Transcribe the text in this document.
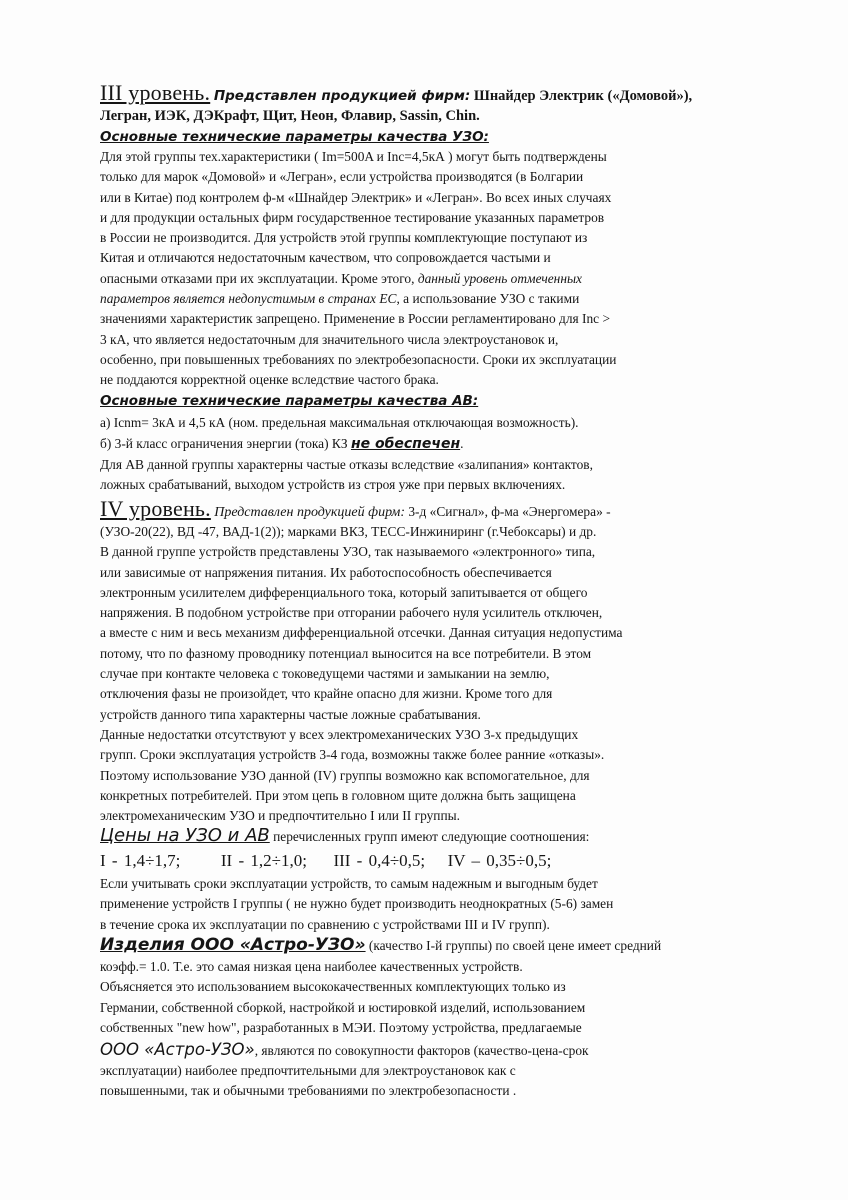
III уровень. Представлен продукцией фирм: Шнайдер Электрик («Домовой»),
Легран, ИЭК, ДЭКрафт, Щит, Неон, Флавир, Sassin, Chin.
Основные технические параметры качества УЗО:
Для этой группы тех.характеристики ( Im=500A и Inc=4,5кА ) могут быть подтверждены
только для марок «Домовой» и «Легран», если устройства производятся (в Болгарии
или в Китае) под контролем ф-м «Шнайдер Электрик» и «Легран». Во всех иных случаях
и для продукции остальных фирм государственное тестирование указанных параметров
в России не производится. Для устройств этой группы комплектующие поступают из
Китая и отличаются недостаточным качеством, что сопровождается частыми и
опасными отказами при их эксплуатации. Кроме этого, данный уровень отмеченных
параметров является недопустимым в странах ЕС, а использование УЗО с такими
значениями характеристик запрещено. Применение в России регламентировано для Inc >
3 кА, что является недостаточным для значительного числа электроустановок и,
особенно, при повышенных требованиях по электробезопасности. Сроки их эксплуатации
не поддаются корректной оценке вследствие частого брака.
Основные технические параметры качества АВ:
а) Icnm= 3кА и 4,5 кА (ном. предельная максимальная отключающая возможность).
б) 3-й класс ограничения энергии (тока) КЗ не обеспечен.
Для АВ данной группы характерны частые отказы вследствие «залипания» контактов,
ложных срабатываний, выходом устройств из строя уже при первых включениях.
IV уровень. Представлен продукцией фирм: 3-д «Сигнал», ф-ма «Энергомера» -
(УЗО-20(22), ВД -47, ВАД-1(2)); марками ВКЗ, ТЕСС-Инжиниринг (г.Чебоксары) и др.
В данной группе устройств представлены УЗО, так называемого «электронного» типа,
или зависимые от напряжения питания. Их работоспособность обеспечивается
электронным усилителем дифференциального тока, который запитывается от общего
напряжения. В подобном устройстве при отгорании рабочего нуля усилитель отключен,
а вместе с ним и весь механизм дифференциальной отсечки. Данная ситуация недопустима
потому, что по фазному проводнику потенциал выносится на все потребители. В этом
случае при контакте человека с токоведущеми частями и замыкании на землю,
отключения фазы не произойдет, что крайне опасно для жизни. Кроме того для
устройств данного типа характерны частые ложные срабатывания.
Данные недостатки отсутствуют у всех электромеханических УЗО 3-х предыдущих
групп. Сроки эксплуатация устройств 3-4 года, возможны также более ранние «отказы».
Поэтому использование УЗО данной (IV) группы возможно как вспомогательное, для
конкретных потребителей. При этом цепь в головном щите должна быть защищена
электромеханическим УЗО и предпочтительно I или II группы.
Цены на УЗО и АВ перечисленных групп имеют следующие соотношения:
I - 1,4÷1,7; II - 1,2÷1,0; III - 0,4÷0,5; IV – 0,35÷0,5;
Если учитывать сроки эксплуатации устройств, то самым надежным и выгодным будет
применение устройств I группы ( не нужно будет производить неоднократных (5-6) замен
в течение срока их эксплуатации по сравнению с устройствами III и IV групп).
Изделия ООО «Астро-УЗО» (качество I-й группы) по своей цене имеет средний
коэфф.= 1.0. Т.е. это самая низкая цена наиболее качественных устройств.
Объясняется это использованием высококачественных комплектующих только из
Германии, собственной сборкой, настройкой и юстировкой изделий, использованием
собственных "new how", разработанных в МЭИ. Поэтому устройства, предлагаемые
ООО «Астро-УЗО», являются по совокупности факторов (качество-цена-срок
эксплуатации) наиболее предпочтительными для электроустановок как с
повышенными, так и обычными требованиями по электробезопасности .
